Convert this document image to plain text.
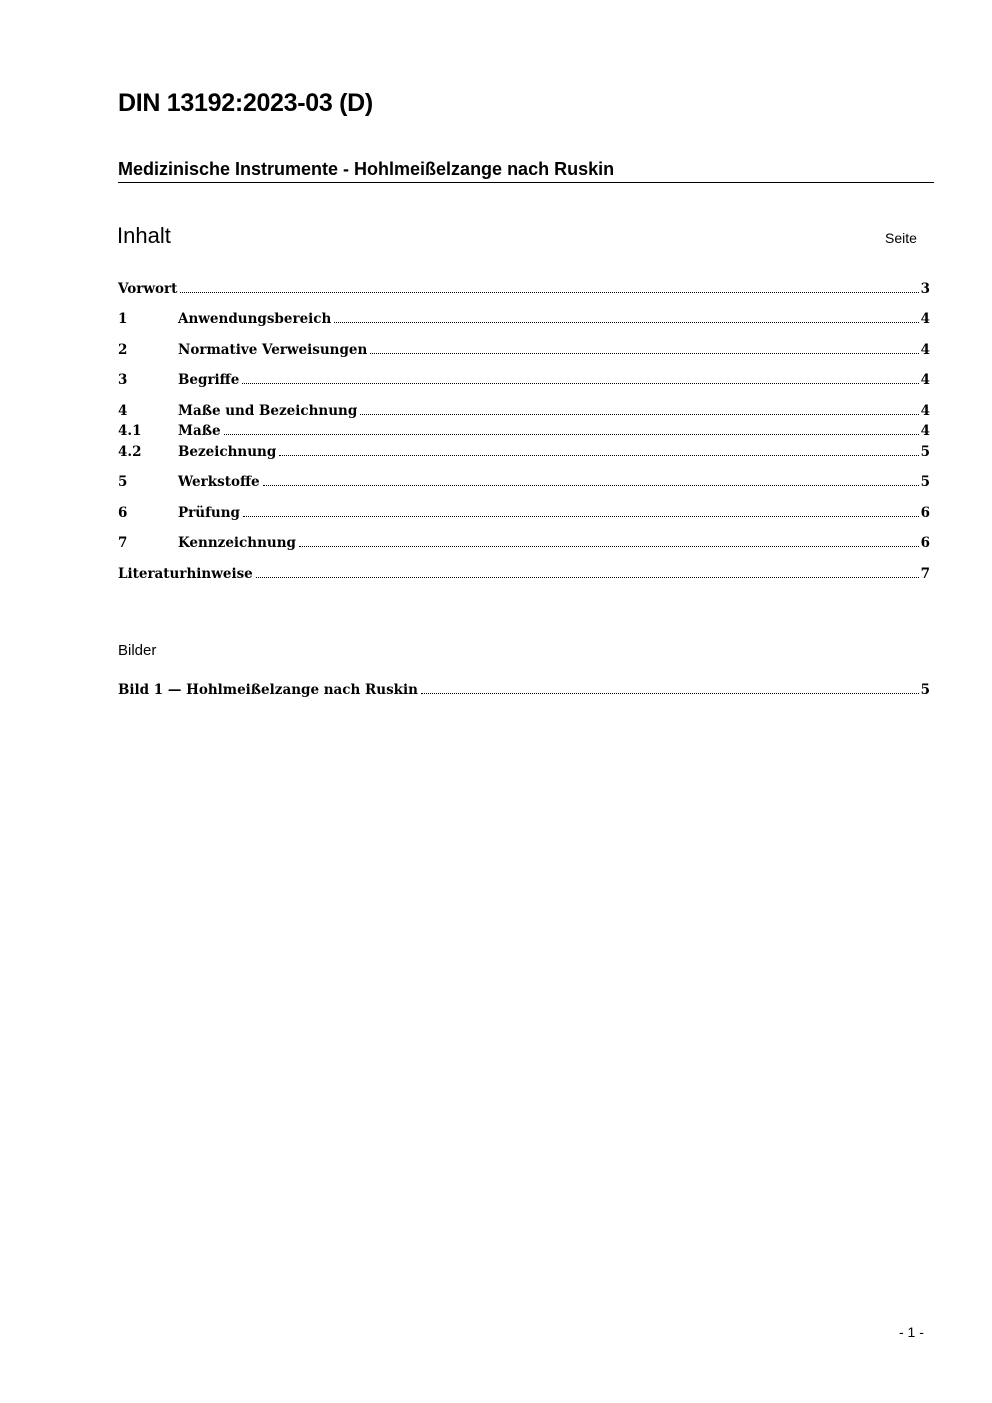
DIN 13192:2023-03 (D)
Medizinische Instrumente - Hohlmeißelzange nach Ruskin
Inhalt	Seite
Vorwort	3
1	Anwendungsbereich	4
2	Normative Verweisungen	4
3	Begriffe	4
4	Maße und Bezeichnung	4
4.1	Maße	4
4.2	Bezeichnung	5
5	Werkstoffe	5
6	Prüfung	6
7	Kennzeichnung	6
Literaturhinweise	7
Bilder
Bild 1 — Hohlmeißelzange nach Ruskin	5
- 1 -
